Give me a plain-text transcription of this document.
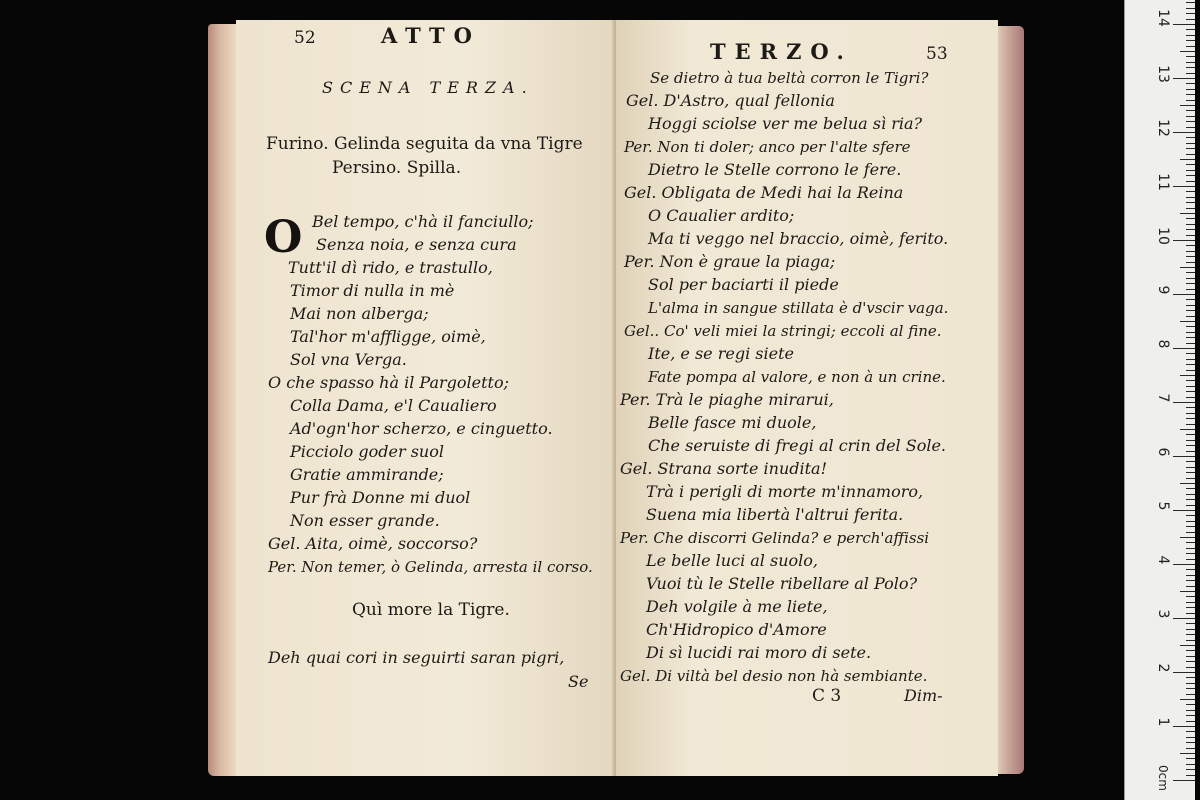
52	ATTO
SCENA TERZA.
Furino. Gelinda seguita da vna Tigre
Persino. Spilla.
O Bel tempo, c'hà il fanciullo;
Senza noia, e senza cura
Tutt'il dì rido, e trastullo,
Timor di nulla in mè
Mai non alberga;
Tal'hor m'affligge, oimè,
Sol vna Verga.
O che spasso hà il Pargoletto;
Colla Dama, e'l Caualiero
Ad'ogn'hor scherzo, e cinguetto.
Picciolo goder suol
Gratie ammirande;
Pur frà Donne mi duol
Non esser grande.
Gel. Aita, oimè, soccorso?
Per. Non temer, ò Gelinda, arresta il corso.
Quì more la Tigre.
Deh quai cori in seguirti saran pigri,
Se
TERZO.	53
Se dietro à tua beltà corron le Tigri?
Gel. D'Astro, qual fellonia
Hoggi sciolse ver me belua sì ria?
Per. Non ti doler; anco per l'alte sfere
Dietro le Stelle corrono le fere.
Gel. Obligata de Medi hai la Reina
O Caualier ardito;
Ma ti veggo nel braccio, oimè, ferito.
Per. Non è graue la piaga;
Sol per baciarti il piede
L'alma in sangue stillata è d'vscir vaga.
Gel.. Co' veli miei la stringi; eccoli al fine.
Ite, e se regi siete
Fate pompa al valore, e non à un crine.
Per. Trà le piaghe mirarui,
Belle fasce mi duole,
Che seruiste di fregi al crin del Sole.
Gel. Strana sorte inudita!
Trà i perigli di morte m'innamoro,
Suena mia libertà l'altrui ferita.
Per. Che discorri Gelinda? e perch'affissi
Le belle luci al suolo,
Vuoi tù le Stelle ribellare al Polo?
Deh volgile à me liete,
Ch'Hidropico d'Amore
Di sì lucidi rai moro di sete.
Gel. Di viltà bel desio non hà sembiante.
C 3	Dim-
0cm
1
2
3
4
5
6
7
8
9
10
11
12
13
14
